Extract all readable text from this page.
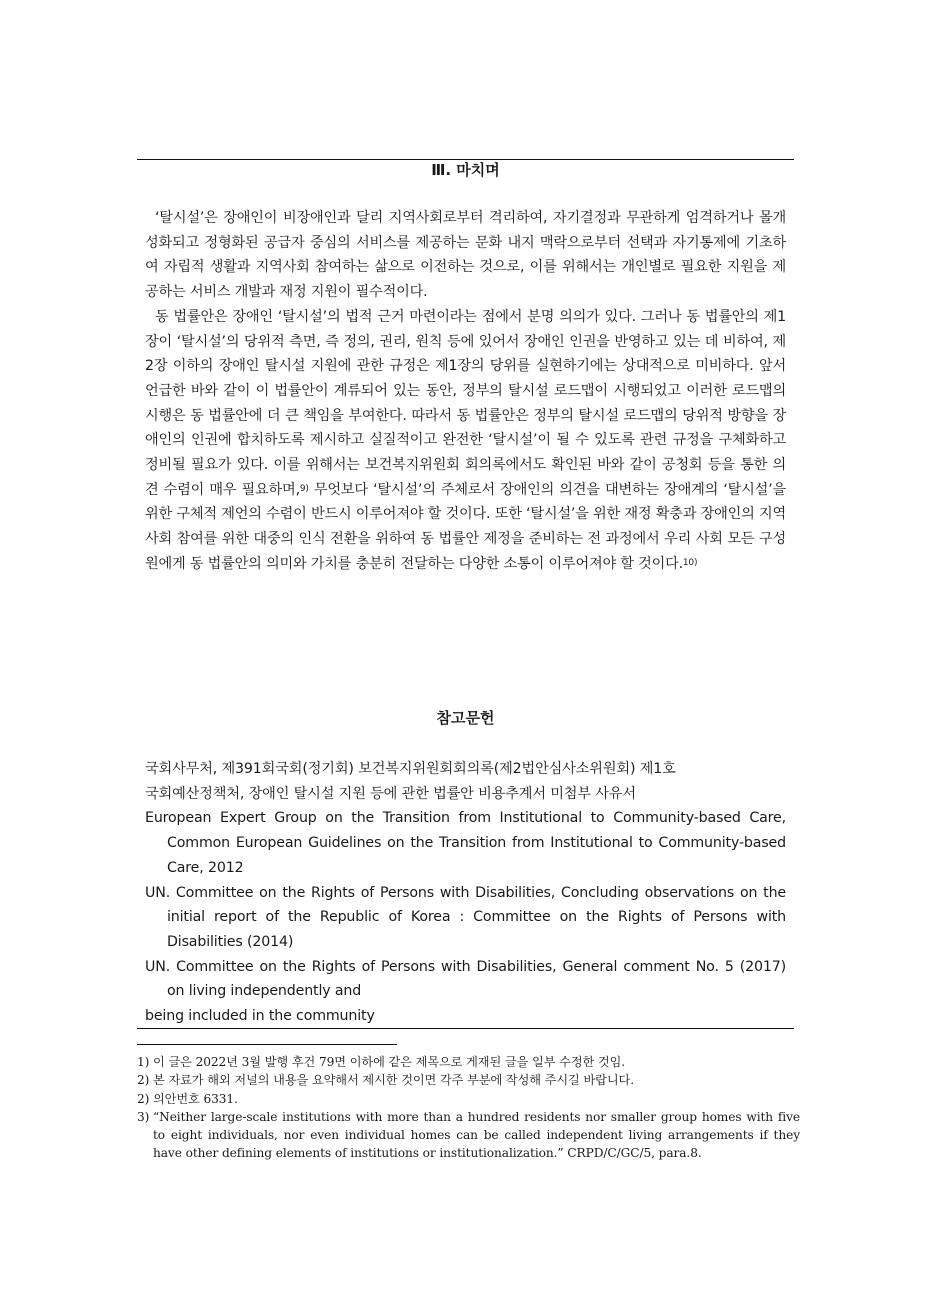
Ⅲ. 마치며

‘탈시설’은 장애인이 비장애인과 달리 지역사회로부터 격리하여, 자기결정과 무관하게 엄격하거나 몰개성화되고 정형화된 공급자 중심의 서비스를 제공하는 문화 내지 맥락으로부터 선택과 자기통제에 기초하여 자립적 생활과 지역사회 참여하는 삶으로 이전하는 것으로, 이를 위해서는 개인별로 필요한 지원을 제공하는 서비스 개발과 재정 지원이 필수적이다.

동 법률안은 장애인 ‘탈시설’의 법적 근거 마련이라는 점에서 분명 의의가 있다. 그러나 동 법률안의 제1장이 ‘탈시설’의 당위적 측면, 즉 정의, 권리, 원칙 등에 있어서 장애인 인권을 반영하고 있는 데 비하여, 제2장 이하의 장애인 탈시설 지원에 관한 규정은 제1장의 당위를 실현하기에는 상대적으로 미비하다. 앞서 언급한 바와 같이 이 법률안이 계류되어 있는 동안, 정부의 탈시설 로드맵이 시행되었고 이러한 로드맵의 시행은 동 법률안에 더 큰 책임을 부여한다. 따라서 동 법률안은 정부의 탈시설 로드맵의 당위적 방향을 장애인의 인권에 합치하도록 제시하고 실질적이고 완전한 ‘탈시설’이 될 수 있도록 관련 규정을 구체화하고 정비될 필요가 있다. 이를 위해서는 보건복지위원회 회의록에서도 확인된 바와 같이 공청회 등을 통한 의견 수렴이 매우 필요하며,$^{9)}$ 무엇보다 ‘탈시설’의 주체로서 장애인의 의견을 대변하는 장애계의 ‘탈시설’을 위한 구체적 제언의 수렴이 반드시 이루어져야 할 것이다. 또한 ‘탈시설’을 위한 재정 확충과 장애인의 지역사회 참여를 위한 대중의 인식 전환을 위하여 동 법률안 제정을 준비하는 전 과정에서 우리 사회 모든 구성원에게 동 법률안의 의미와 가치를 충분히 전달하는 다양한 소통이 이루어져야 할 것이다.$^{10)}$

참고문헌

국회사무처, 제391회국회(정기회) 보건복지위원회회의록(제2법안심사소위원회) 제1호

국회예산정책처, 장애인 탈시설 지원 등에 관한 법률안 비용추계서 미첨부 사유서

European Expert Group on the Transition from Institutional to Community-based Care, Common European Guidelines on the Transition from Institutional to Community-based Care, 2012

UN. Committee on the Rights of Persons with Disabilities, Concluding observations on the initial report of the Republic of Korea : Committee on the Rights of Persons with Disabilities (2014)

UN. Committee on the Rights of Persons with Disabilities, General comment No. 5 (2017) on living independently and

being included in the community

1) 이 글은 2022년 3월 발행 후건 79면 이하에 같은 제목으로 게재된 글을 일부 수정한 것임.
2) 본 자료가 해외 저널의 내용을 요약해서 제시한 것이면 각주 부분에 작성해 주시길 바랍니다.
2) 의안번호 6331.
3) “Neither large-scale institutions with more than a hundred residents nor smaller group homes with five to eight individuals, nor even individual homes can be called independent living arrangements if they have other defining elements of institutions or institutionalization.” CRPD/C/GC/5, para.8.
